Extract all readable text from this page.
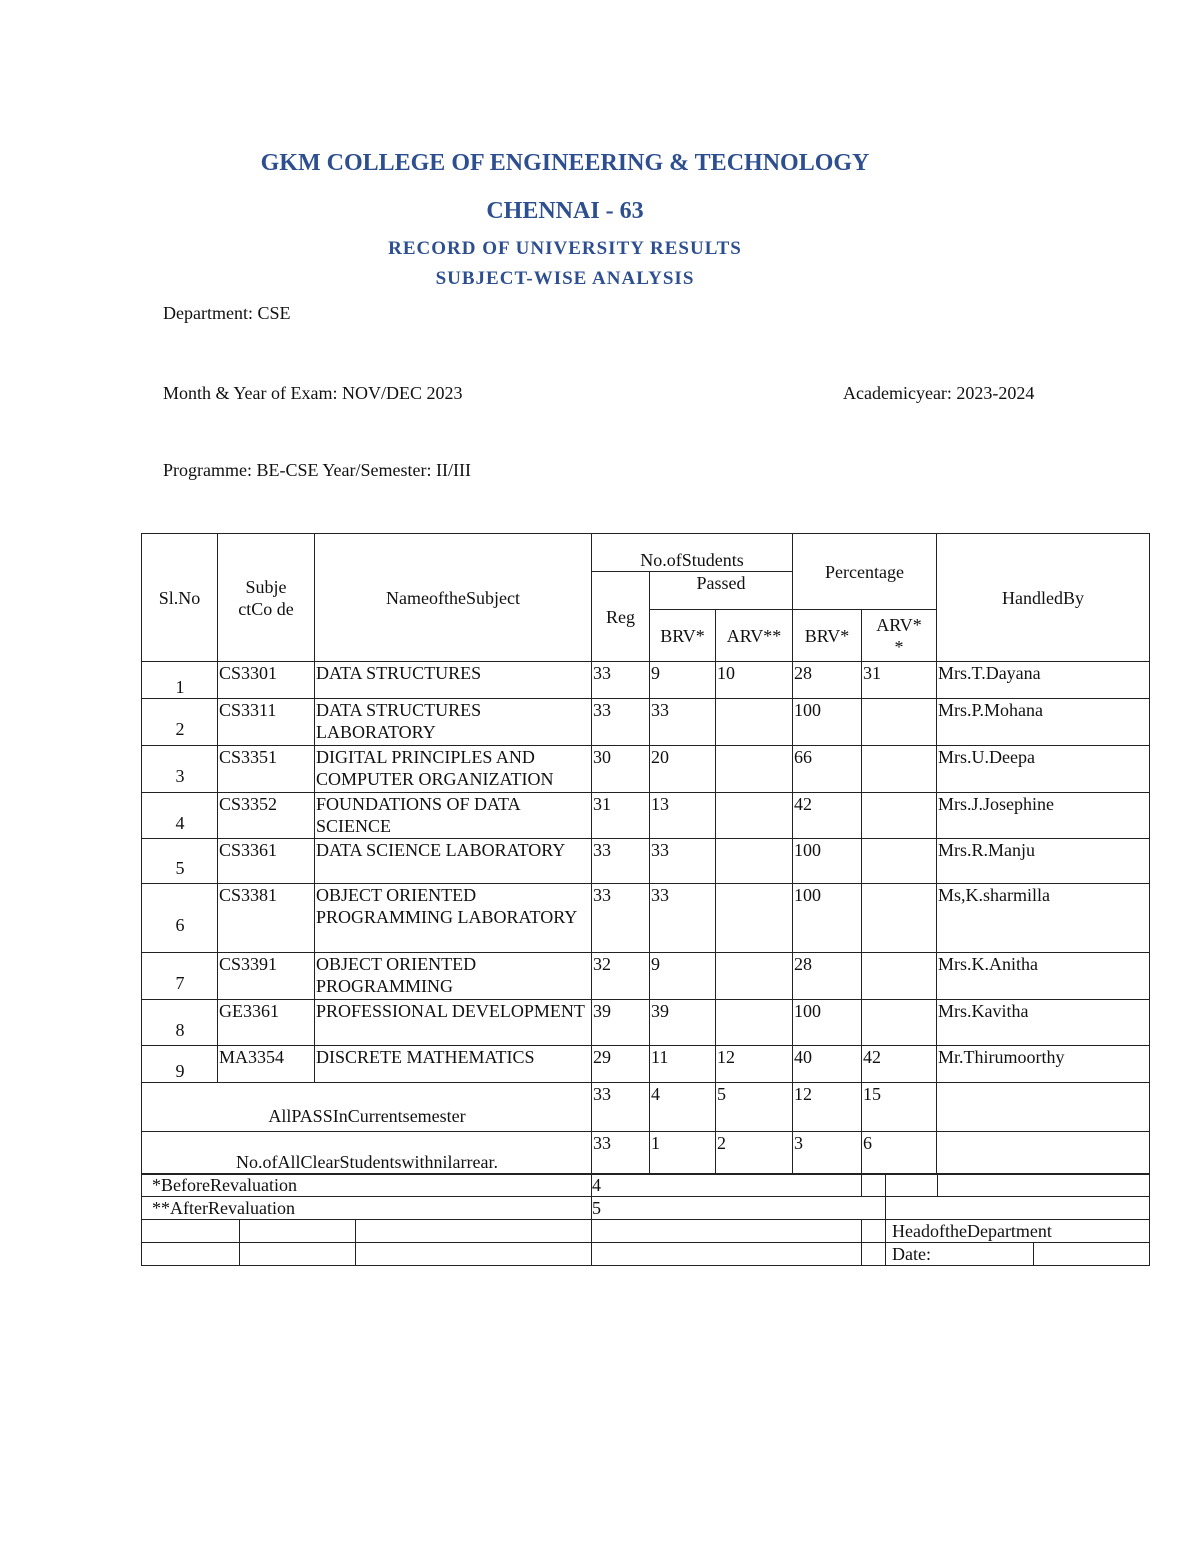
GKM COLLEGE OF ENGINEERING & TECHNOLOGY
CHENNAI - 63
RECORD OF UNIVERSITY RESULTS
SUBJECT-WISE ANALYSIS
Department: CSE
Month & Year of Exam: NOV/DEC 2023	Academicyear: 2023-2024
Programme: BE-CSE Year/Semester: II/III
Sl.No	Subje ctCo de	NameoftheSubject	No.ofStudents			Percentage		HandledBy
			Reg	Passed				
				BRV*	ARV**	BRV*	ARV* *	
1	CS3301	DATA STRUCTURES	33	9	10	28	31	Mrs.T.Dayana
2	CS3311	DATA STRUCTURES LABORATORY	33	33		100		Mrs.P.Mohana
3	CS3351	DIGITAL PRINCIPLES AND COMPUTER ORGANIZATION	30	20		66		Mrs.U.Deepa
4	CS3352	FOUNDATIONS OF DATA SCIENCE	31	13		42		Mrs.J.Josephine
5	CS3361	DATA SCIENCE LABORATORY	33	33		100		Mrs.R.Manju
6	CS3381	OBJECT ORIENTED PROGRAMMING LABORATORY	33	33		100		Ms,K.sharmilla
7	CS3391	OBJECT ORIENTED PROGRAMMING	32	9		28		Mrs.K.Anitha
8	GE3361	PROFESSIONAL DEVELOPMENT	39	39		100		Mrs.Kavitha
9	MA3354	DISCRETE MATHEMATICS	29	11	12	40	42	Mr.Thirumoorthy
AllPASSInCurrentsemester			33	4	5	12	15	
No.ofAllClearStudentswithnilarrear.			33	1	2	3	6	
*BeforeRevaluation			4				
**AfterRevaluation			5				
					HeadoftheDepartment		
					Date:		
